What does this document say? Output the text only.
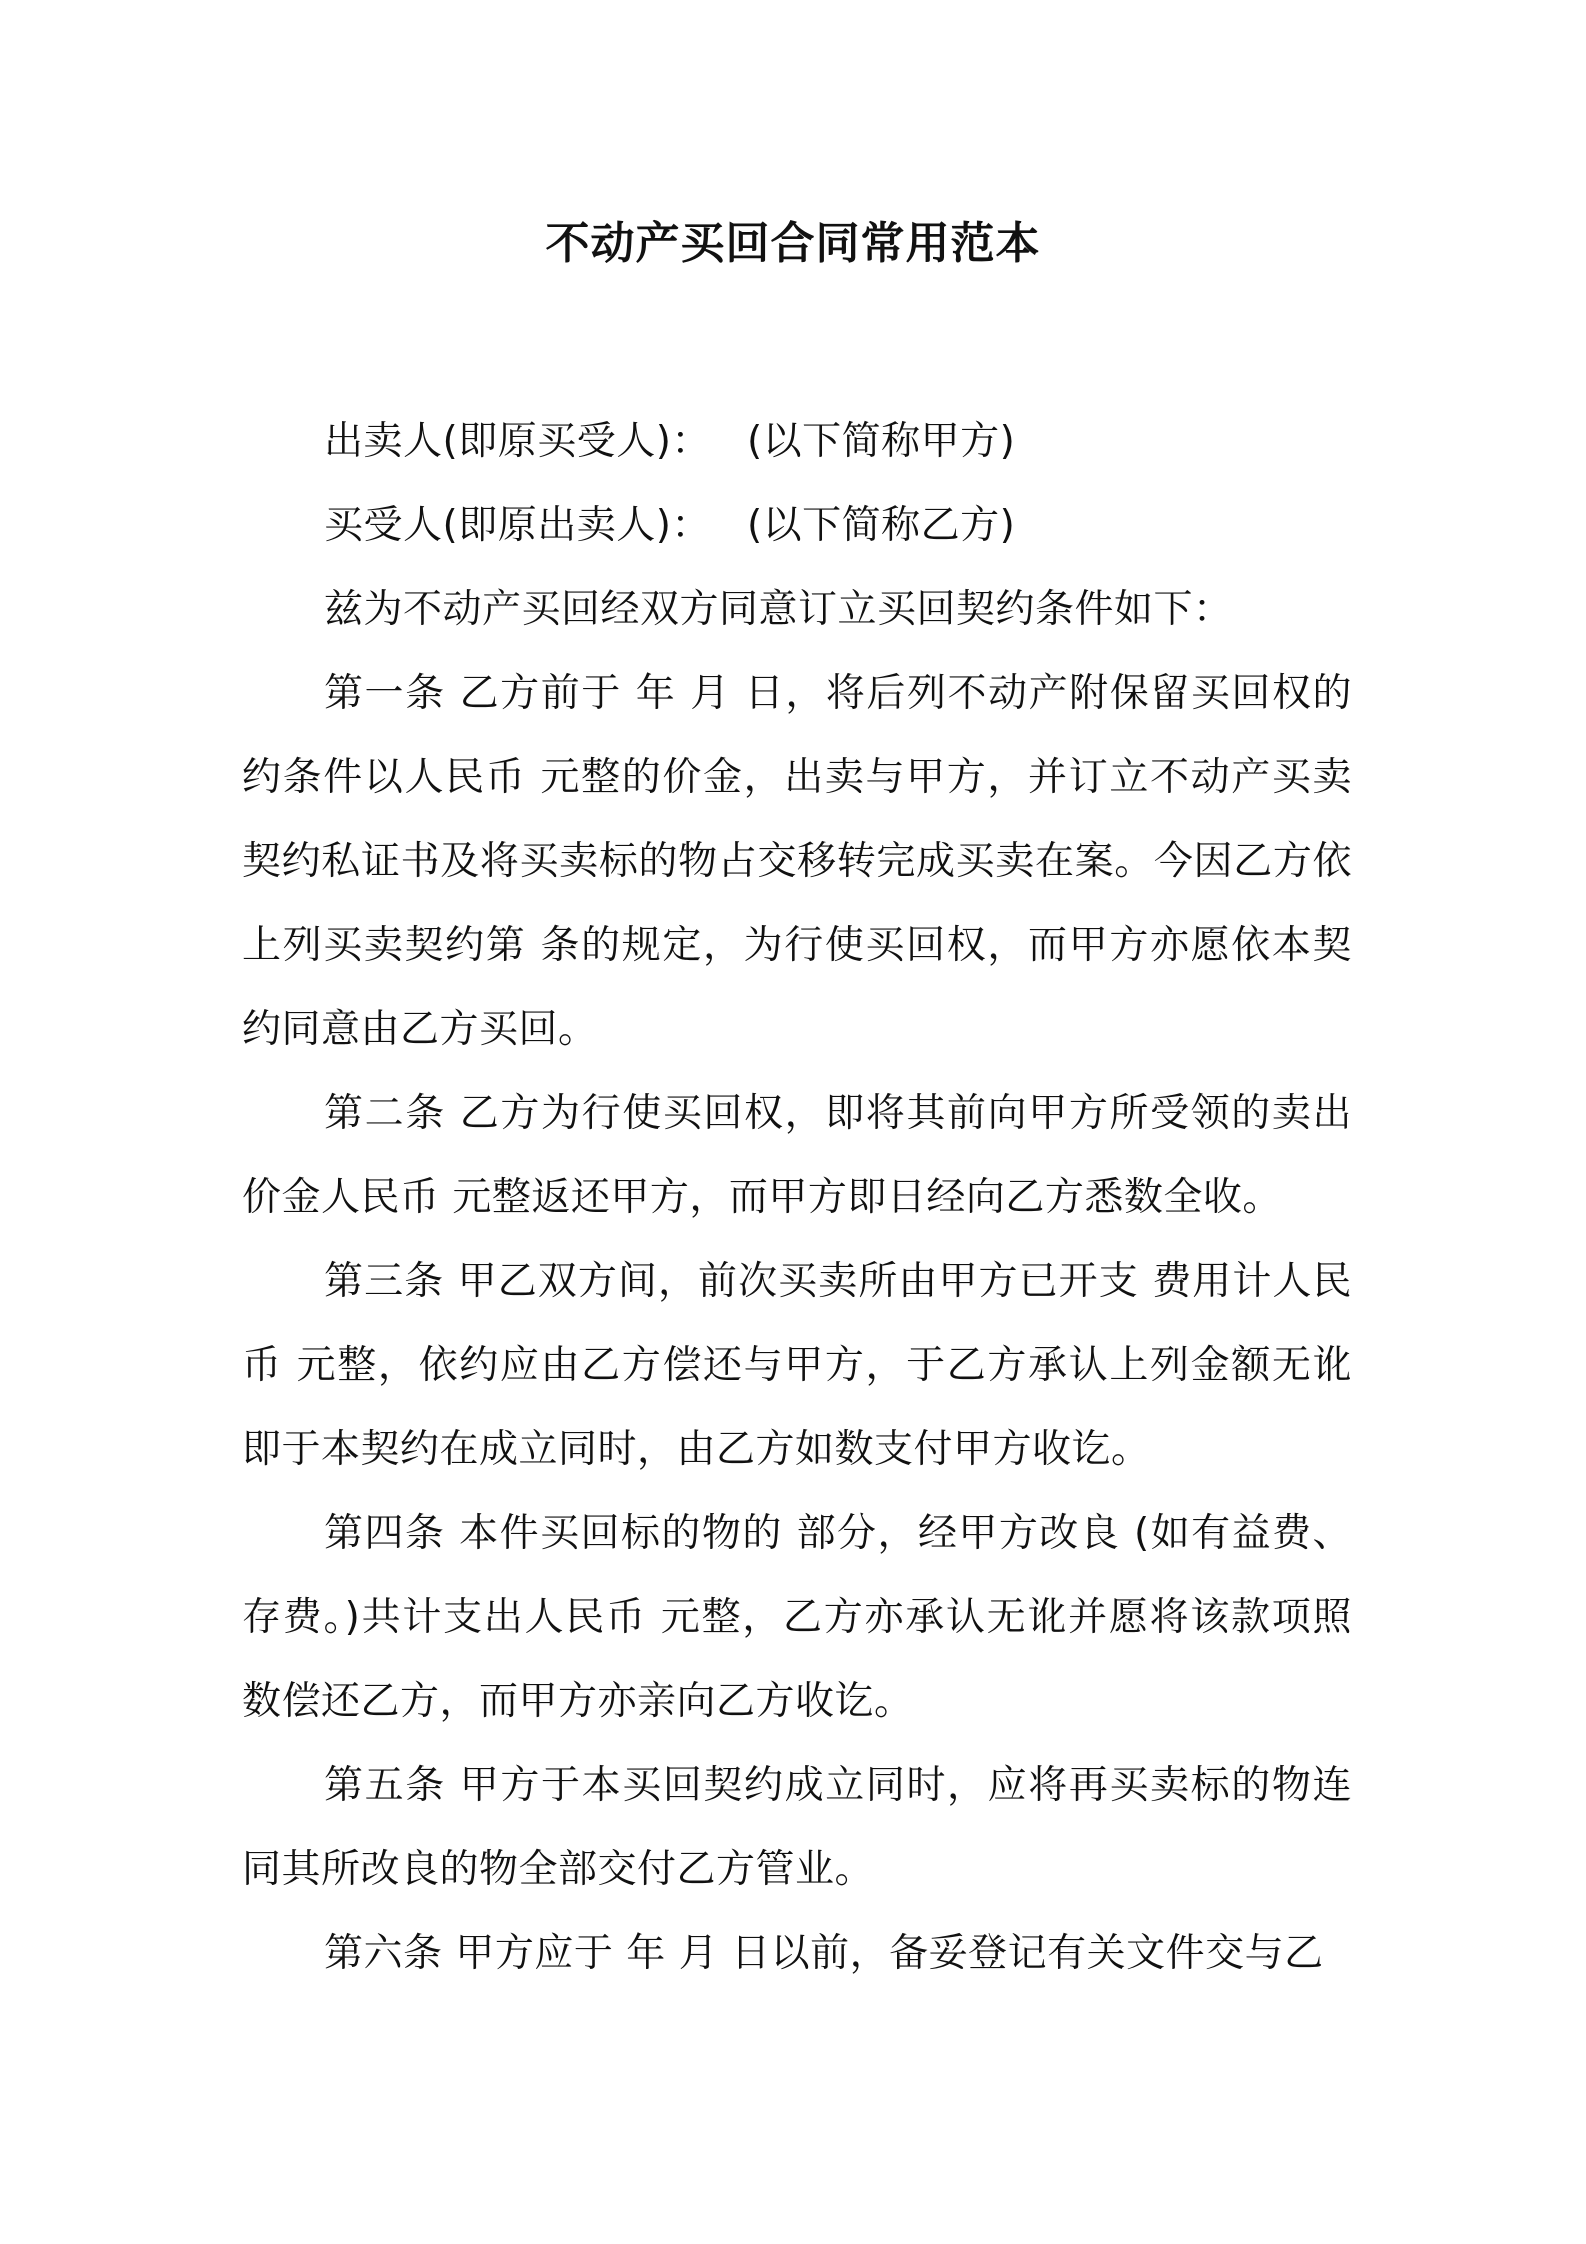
不动产买回合同常用范本

出卖人(即原买受人)： (以下简称甲方)

买受人(即原出卖人)： (以下简称乙方)

兹为不动产买回经双方同意订立买回契约条件如下：

第一条 乙方前于 年 月 日，将后列不动产附保留买回权的约条件以人民币 元整的价金，出卖与甲方，并订立不动产买卖契约私证书及将买卖标的物占交移转完成买卖在案。今因乙方依上列买卖契约第 条的规定，为行使买回权，而甲方亦愿依本契约同意由乙方买回。

第二条 乙方为行使买回权，即将其前向甲方所受领的卖出价金人民币 元整返还甲方，而甲方即日经向乙方悉数全收。

第三条 甲乙双方间，前次买卖所由甲方已开支 费用计人民币 元整，依约应由乙方偿还与甲方，于乙方承认上列金额无讹即于本契约在成立同时，由乙方如数支付甲方收讫。

第四条 本件买回标的物的 部分，经甲方改良 (如有益费、存费。)共计支出人民币 元整，乙方亦承认无讹并愿将该款项照数偿还乙方，而甲方亦亲向乙方收讫。

第五条 甲方于本买回契约成立同时，应将再买卖标的物连同其所改良的物全部交付乙方管业。

第六条 甲方应于 年 月 日以前，备妥登记有关文件交与乙
